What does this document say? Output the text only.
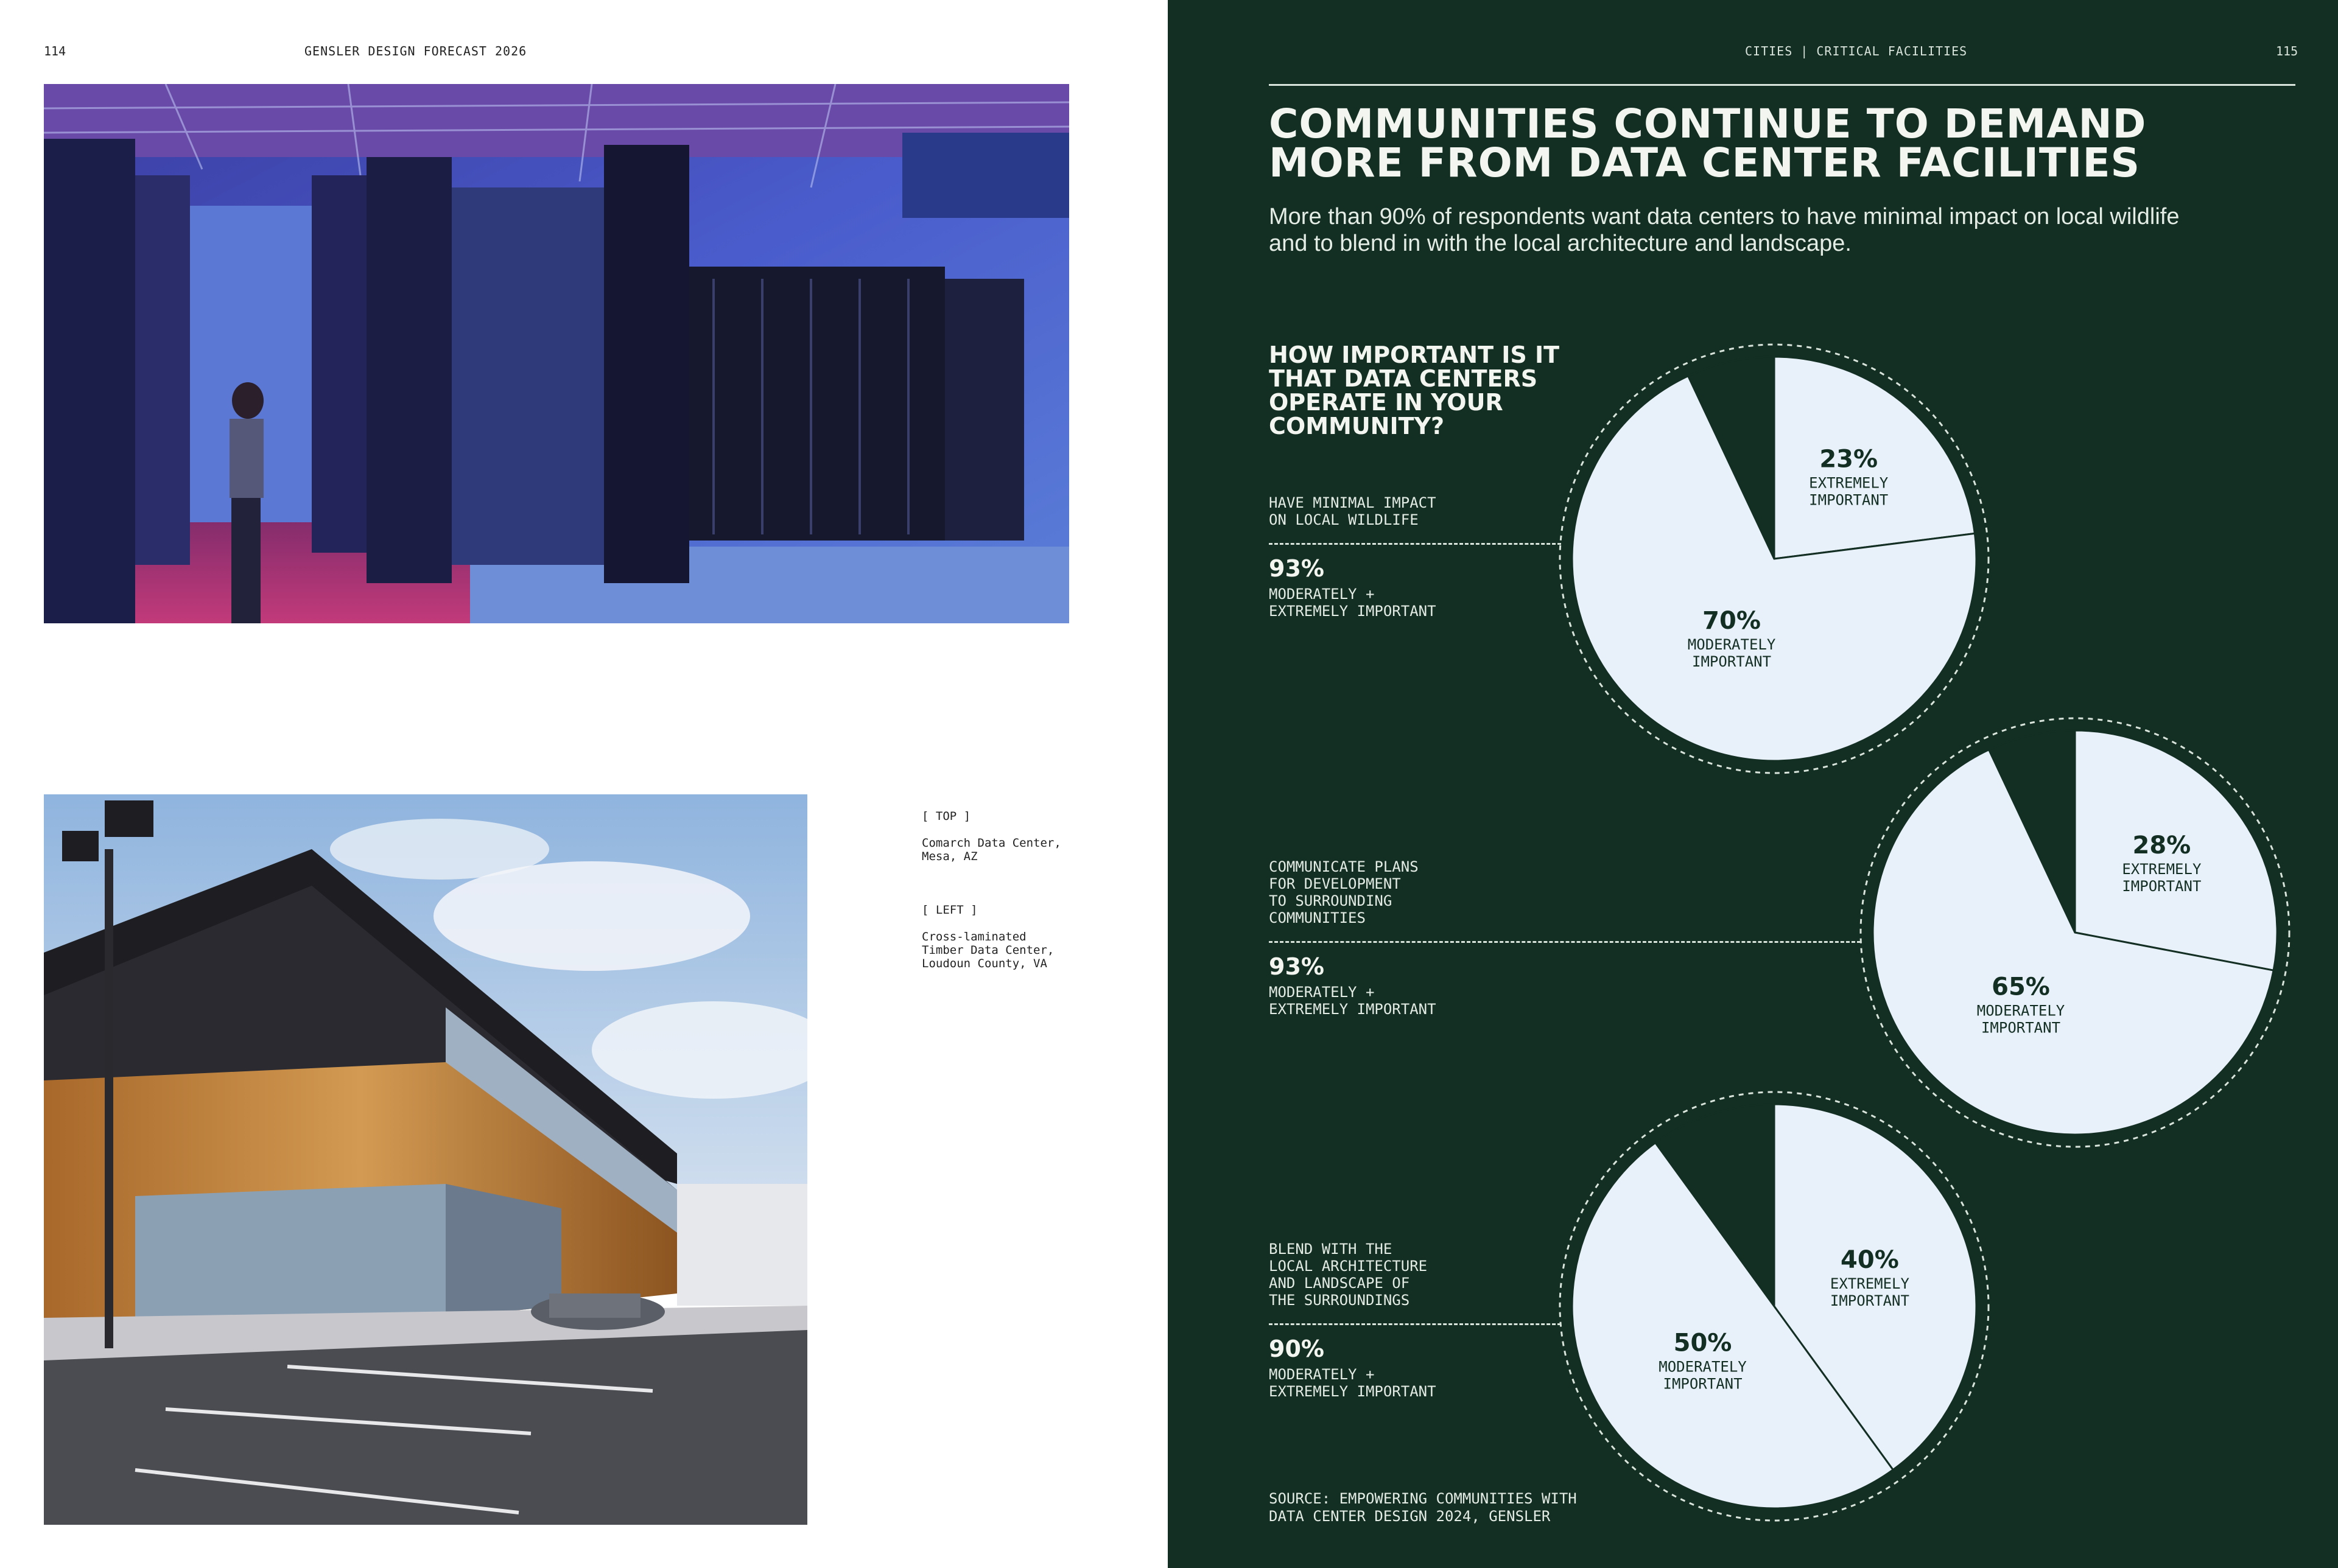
114	GENSLER DESIGN FORECAST 2026

[ TOP ]

Comarch Data Center,
Mesa, AZ

[ LEFT ]

Cross-laminated
Timber Data Center,
Loudoun County, VA

CITIES | CRITICAL FACILITIES	115
COMMUNITIES CONTINUE TO DEMAND MORE FROM DATA CENTER FACILITIES

More than 90% of respondents want data centers to have minimal impact on local wildlife and to blend in with the local architecture and landscape.

HOW IMPORTANT IS IT THAT DATA CENTERS OPERATE IN YOUR COMMUNITY?
HAVE MINIMAL IMPACT
ON LOCAL WILDLIFE
93%
MODERATELY +
EXTREMELY IMPORTANT
COMMUNICATE PLANS
FOR DEVELOPMENT
TO SURROUNDING
COMMUNITIES
93%
MODERATELY +
EXTREMELY IMPORTANT
BLEND WITH THE
LOCAL ARCHITECTURE
AND LANDSCAPE OF
THE SURROUNDINGS
90%
MODERATELY +
EXTREMELY IMPORTANT
23%
EXTREMELY
IMPORTANT
70%
MODERATELY
IMPORTANT
28%
EXTREMELY
IMPORTANT
65%
MODERATELY
IMPORTANT
40%
EXTREMELY
IMPORTANT
50%
MODERATELY
IMPORTANT
SOURCE: EMPOWERING COMMUNITIES WITH
DATA CENTER DESIGN 2024, GENSLER
